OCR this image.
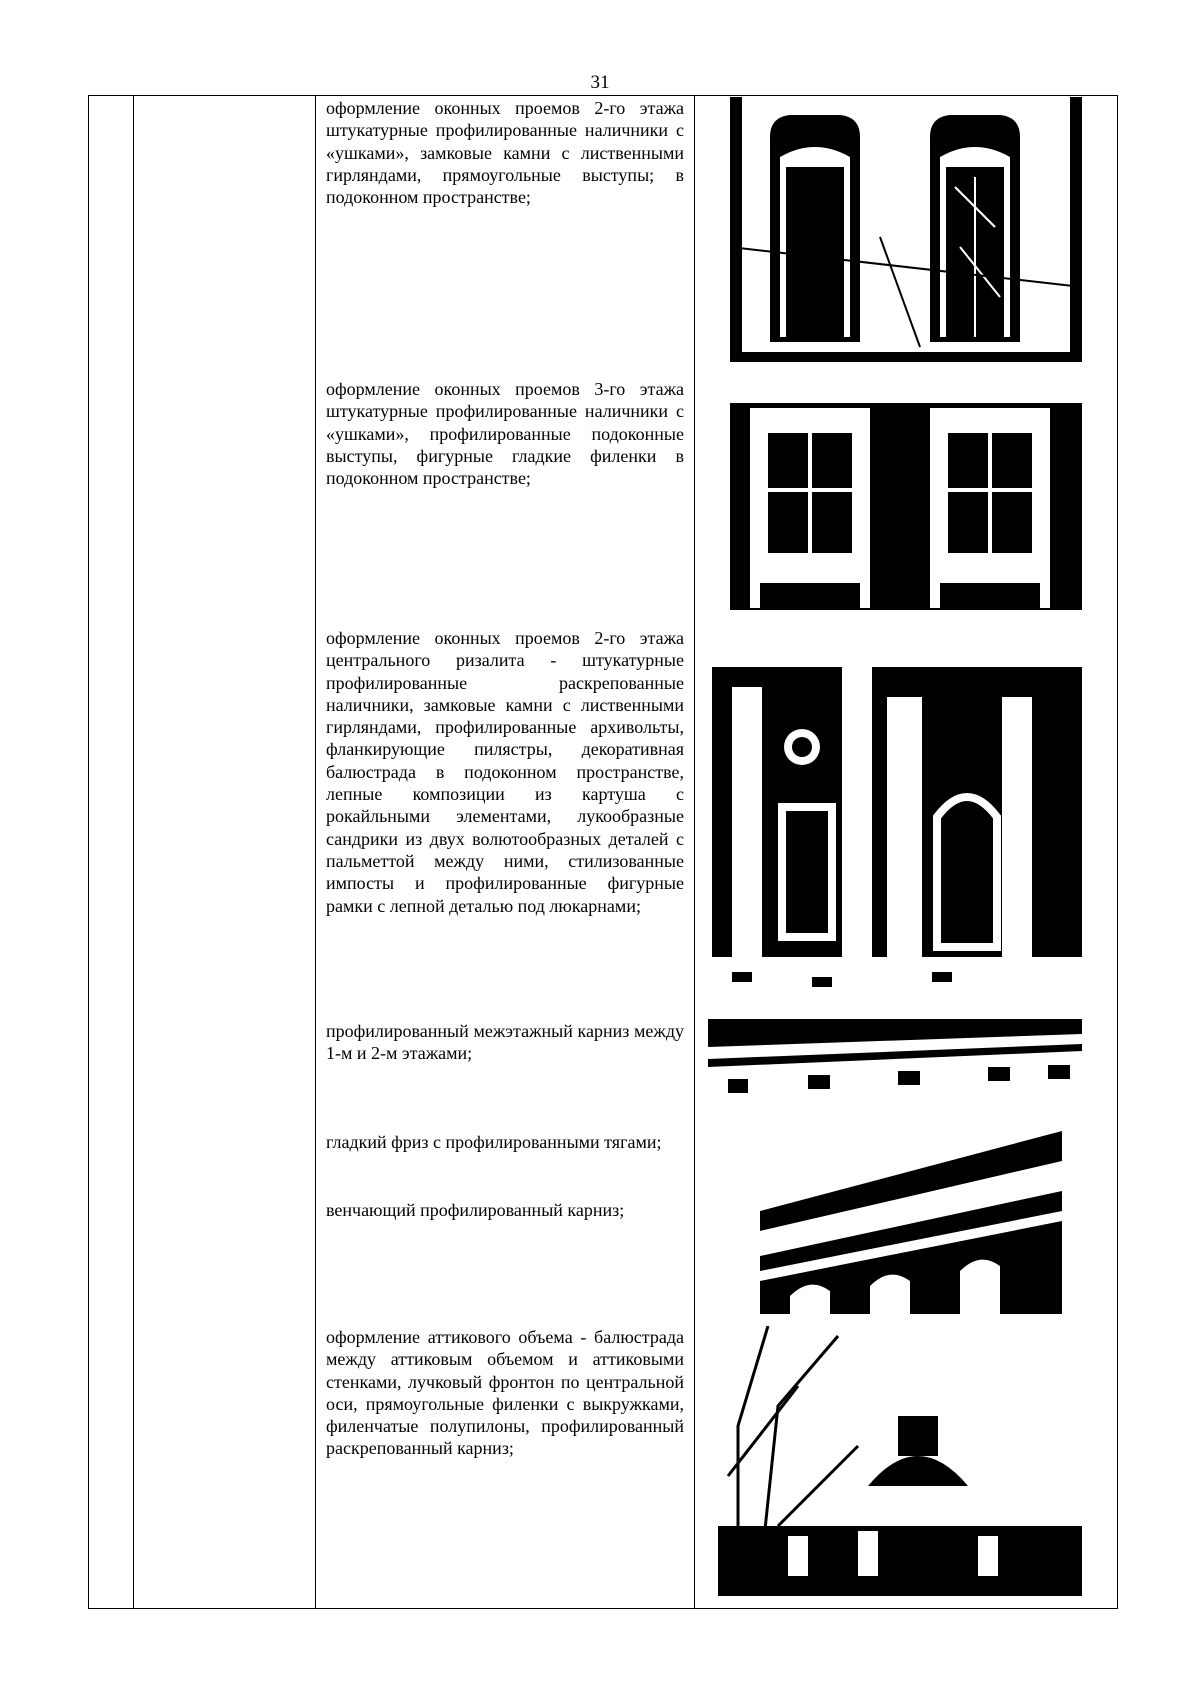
31
оформление оконных проемов 2-го этажа штукатурные профилированные наличники с «ушками», замковые камни с лиственными гирляндами, прямоугольные выступы; в подоконном пространстве;
оформление оконных проемов 3-го этажа штукатурные профилированные наличники с «ушками», профилированные подоконные выступы, фигурные гладкие филенки в подоконном пространстве;
оформление оконных проемов 2-го этажа центрального ризалита - штукатурные профилированные раскрепованные наличники, замковые камни с лиственными гирляндами, профилированные архивольты, фланкирующие пилястры, декоративная балюстрада в подоконном пространстве, лепные композиции из картуша с рокайльными элементами, лукообразные сандрики из двух волютообразных деталей с пальметтой между ними, стилизованные импосты и профилированные фигурные рамки с лепной деталью под люкарнами;
профилированный межэтажный карниз между 1-м и 2-м этажами;
гладкий фриз с профилированными тягами;
венчающий профилированный карниз;
оформление аттикового объема - балюстрада между аттиковым объемом и аттиковыми стенками, лучковый фронтон по центральной оси, прямоугольные филенки с выкружками, филенчатые полупилоны, профилированный раскрепованный карниз;
